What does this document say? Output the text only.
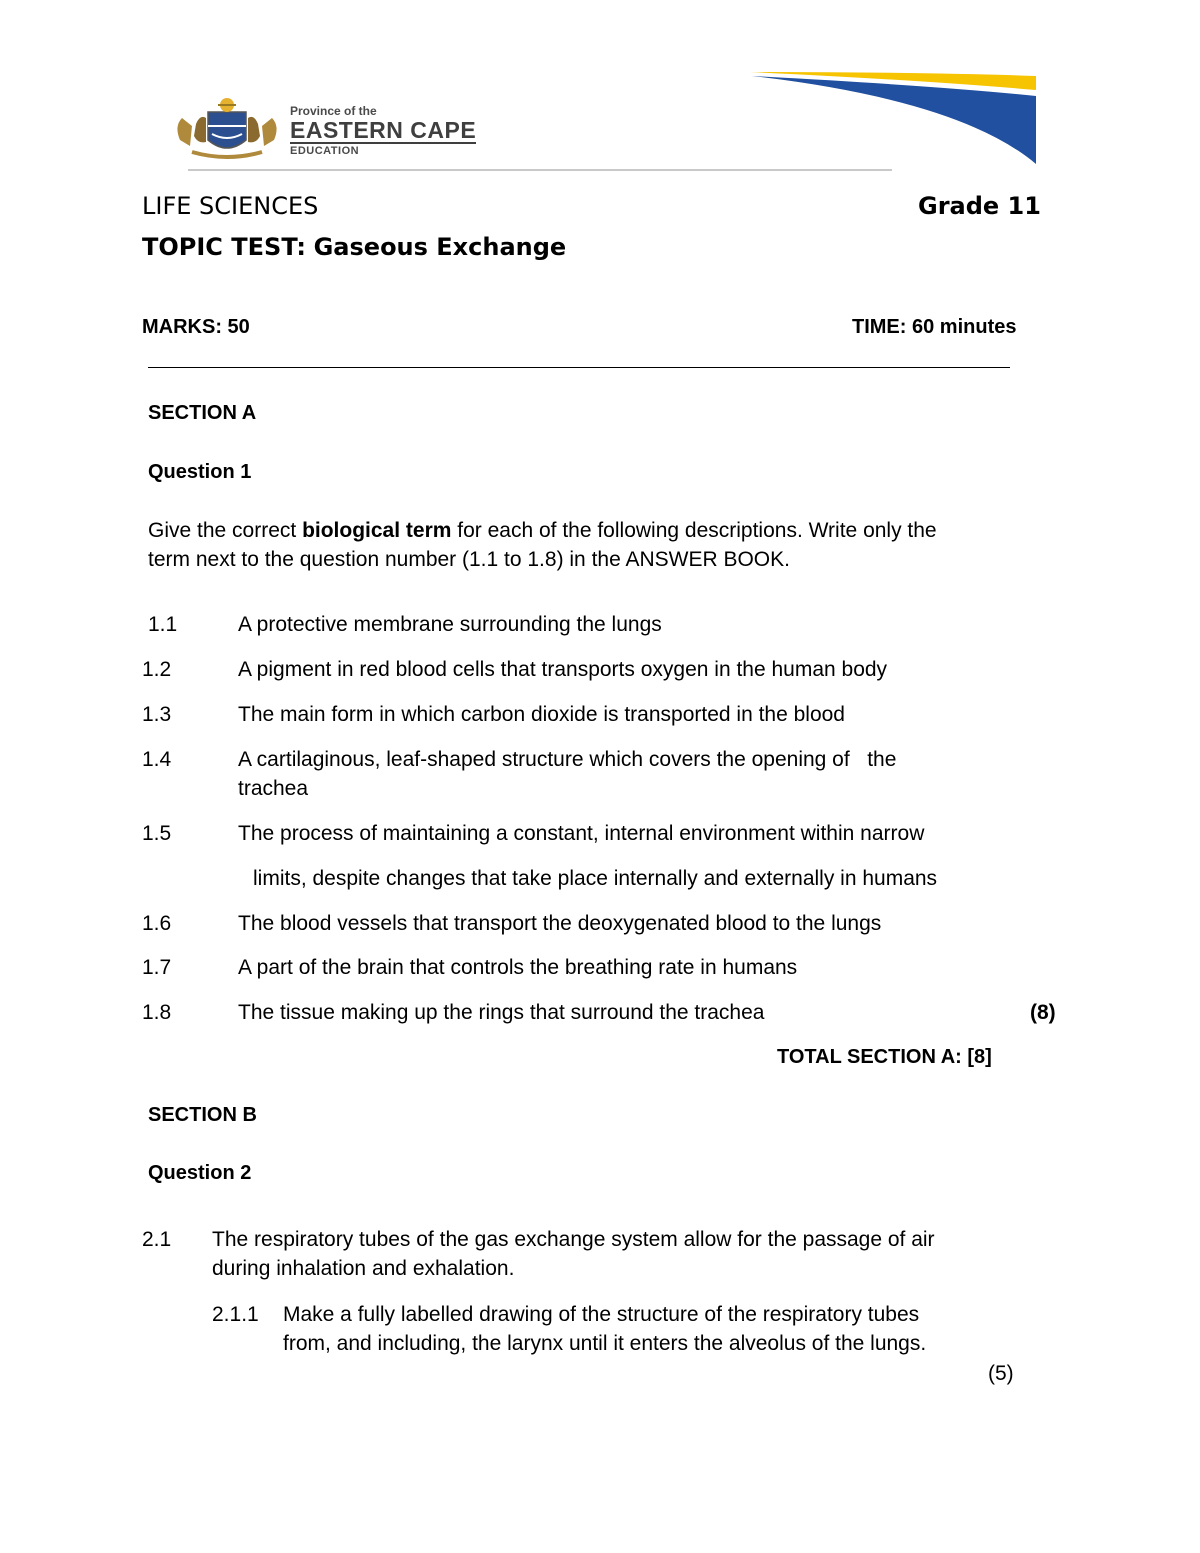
Province of the
EASTERN CAPE
EDUCATION
LIFE SCIENCES	Grade 11
TOPIC TEST: Gaseous Exchange
MARKS: 50	TIME: 60 minutes
SECTION A
Question 1
Give the correct biological term for each of the following descriptions. Write only the
term next to the question number (1.1 to 1.8) in the ANSWER BOOK.
1.1	A protective membrane surrounding the lungs
1.2	A pigment in red blood cells that transports oxygen in the human body
1.3	The main form in which carbon dioxide is transported in the blood
1.4	A cartilaginous, leaf-shaped structure which covers the opening of   the
trachea
1.5	The process of maintaining a constant, internal environment within narrow
limits, despite changes that take place internally and externally in humans
1.6	The blood vessels that transport the deoxygenated blood to the lungs
1.7	A part of the brain that controls the breathing rate in humans
1.8	The tissue making up the rings that surround the trachea	(8)
TOTAL SECTION A: [8]
SECTION B
Question 2
2.1 The respiratory tubes of the gas exchange system allow for the passage of air
during inhalation and exhalation.
2.1.1 Make a fully labelled drawing of the structure of the respiratory tubes
from, and including, the larynx until it enters the alveolus of the lungs.
(5)
